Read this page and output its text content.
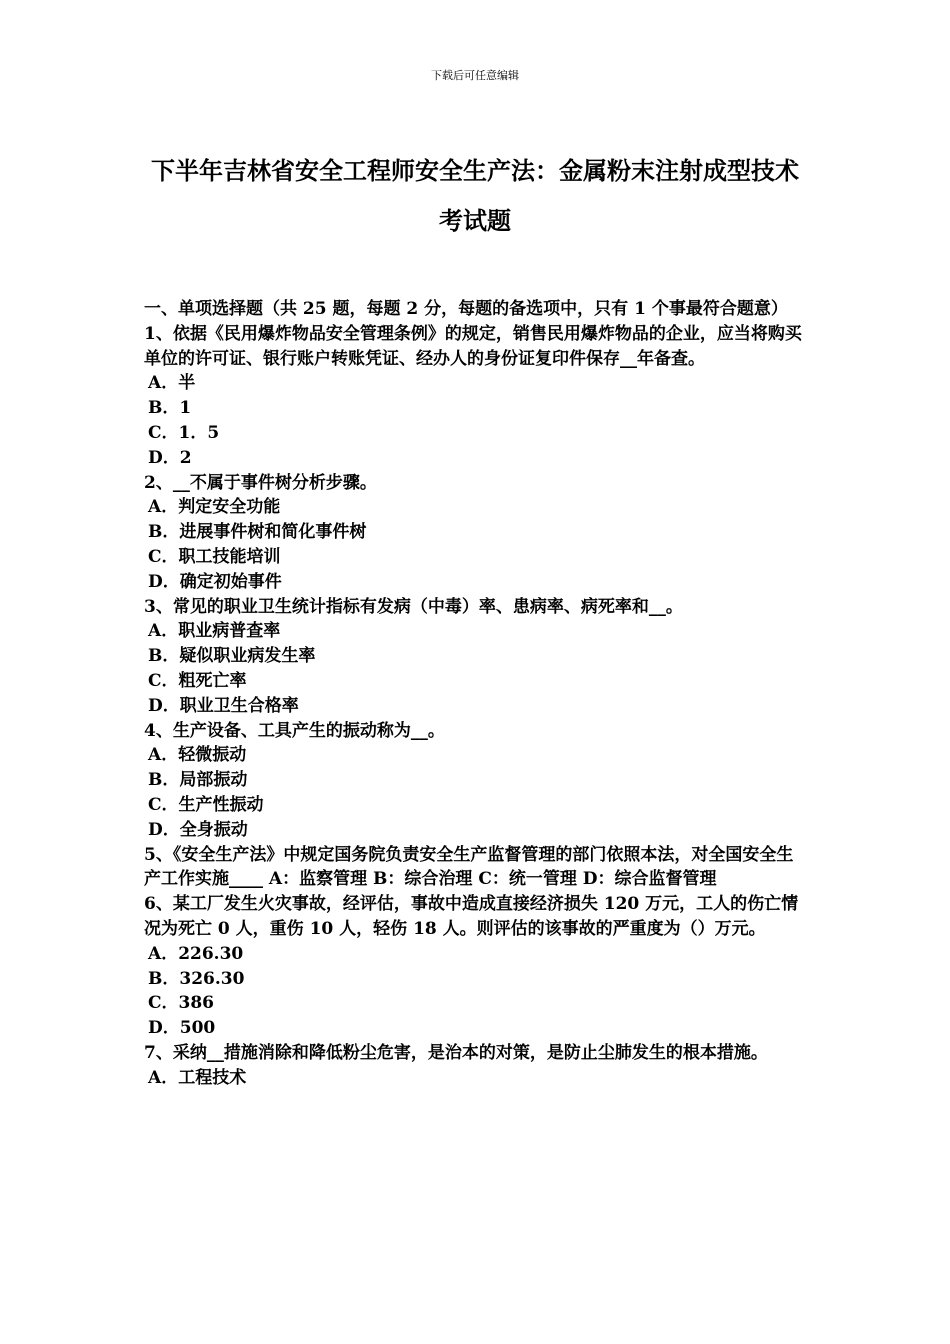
下载后可任意编辑
下半年吉林省安全工程师安全生产法：金属粉末注射成型技术考试题

一、单项选择题（共 25 题，每题 2 分，每题的备选项中，只有 1 个事最符合题意）

1、依据《民用爆炸物品安全管理条例》的规定，销售民用爆炸物品的企业，应当将购买单位的许可证、银行账户转账凭证、经办人的身份证复印件保存__年备查。

A．半

B．1

C．1．5

D．2

2、__不属于事件树分析步骤。

A．判定安全功能

B．进展事件树和简化事件树

C．职工技能培训

D．确定初始事件

3、常见的职业卫生统计指标有发病（中毒）率、患病率、病死率和__。

A．职业病普查率

B．疑似职业病发生率

C．粗死亡率

D．职业卫生合格率

4、生产设备、工具产生的振动称为__。

A．轻微振动

B．局部振动

C．生产性振动

D．全身振动

5、《安全生产法》中规定国务院负责安全生产监督管理的部门依照本法，对全国安全生产工作实施____ A：监察管理 B：综合治理 C：统一管理 D：综合监督管理

6、某工厂发生火灾事故，经评估，事故中造成直接经济损失 120 万元，工人的伤亡情况为死亡 0 人，重伤 10 人，轻伤 18 人。则评估的该事故的严重度为（）万元。

A．226.30

B．326.30

C．386

D．500

7、采纳__措施消除和降低粉尘危害，是治本的对策，是防止尘肺发生的根本措施。

A．工程技术
